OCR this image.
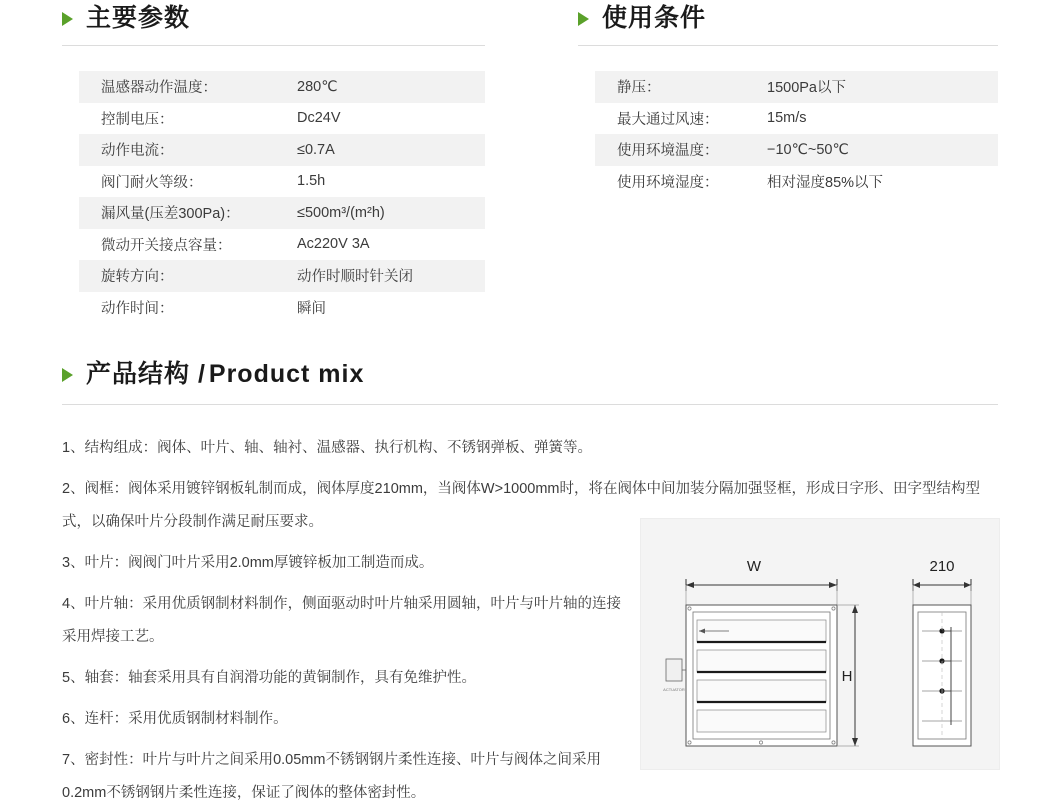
主要参数	使用条件
温感器动作温度：	280℃
控制电压：	Dc24V
动作电流：	≤0.7A
阀门耐火等级：	1.5h
漏风量(压差300Pa)：	≤500m³/(m²h)
微动开关接点容量：	Ac220V 3A
旋转方向：	动作时顺时针关闭
动作时间：	瞬间
静压：	1500Pa以下
最大通过风速：	15m/s
使用环境温度：	−10℃~50℃
使用环境湿度：	相对湿度85%以下
产品结构 / Product mix

1、结构组成：阀体、叶片、轴、轴衬、温感器、执行机构、不锈钢弹板、弹簧等。

2、阀框：阀体采用镀锌钢板轧制而成，阀体厚度210mm，当阀体W>1000mm时，将在阀体中间加装分隔加强竖框，形成日字形、田字型结构型式，以确保叶片分段制作满足耐压要求。

3、叶片：阀阀门叶片采用2.0mm厚镀锌板加工制造而成。

4、叶片轴：采用优质钢制材料制作，侧面驱动时叶片轴采用圆轴，叶片与叶片轴的连接采用焊接工艺。

5、轴套：轴套采用具有自润滑功能的黄铜制作，具有免维护性。

6、连杆：采用优质钢制材料制作。

7、密封性：叶片与叶片之间采用0.05mm不锈钢钢片柔性连接、叶片与阀体之间采用0.2mm不锈钢钢片柔性连接，保证了阀体的整体密封性。

W
ACTUATOR
H
210
